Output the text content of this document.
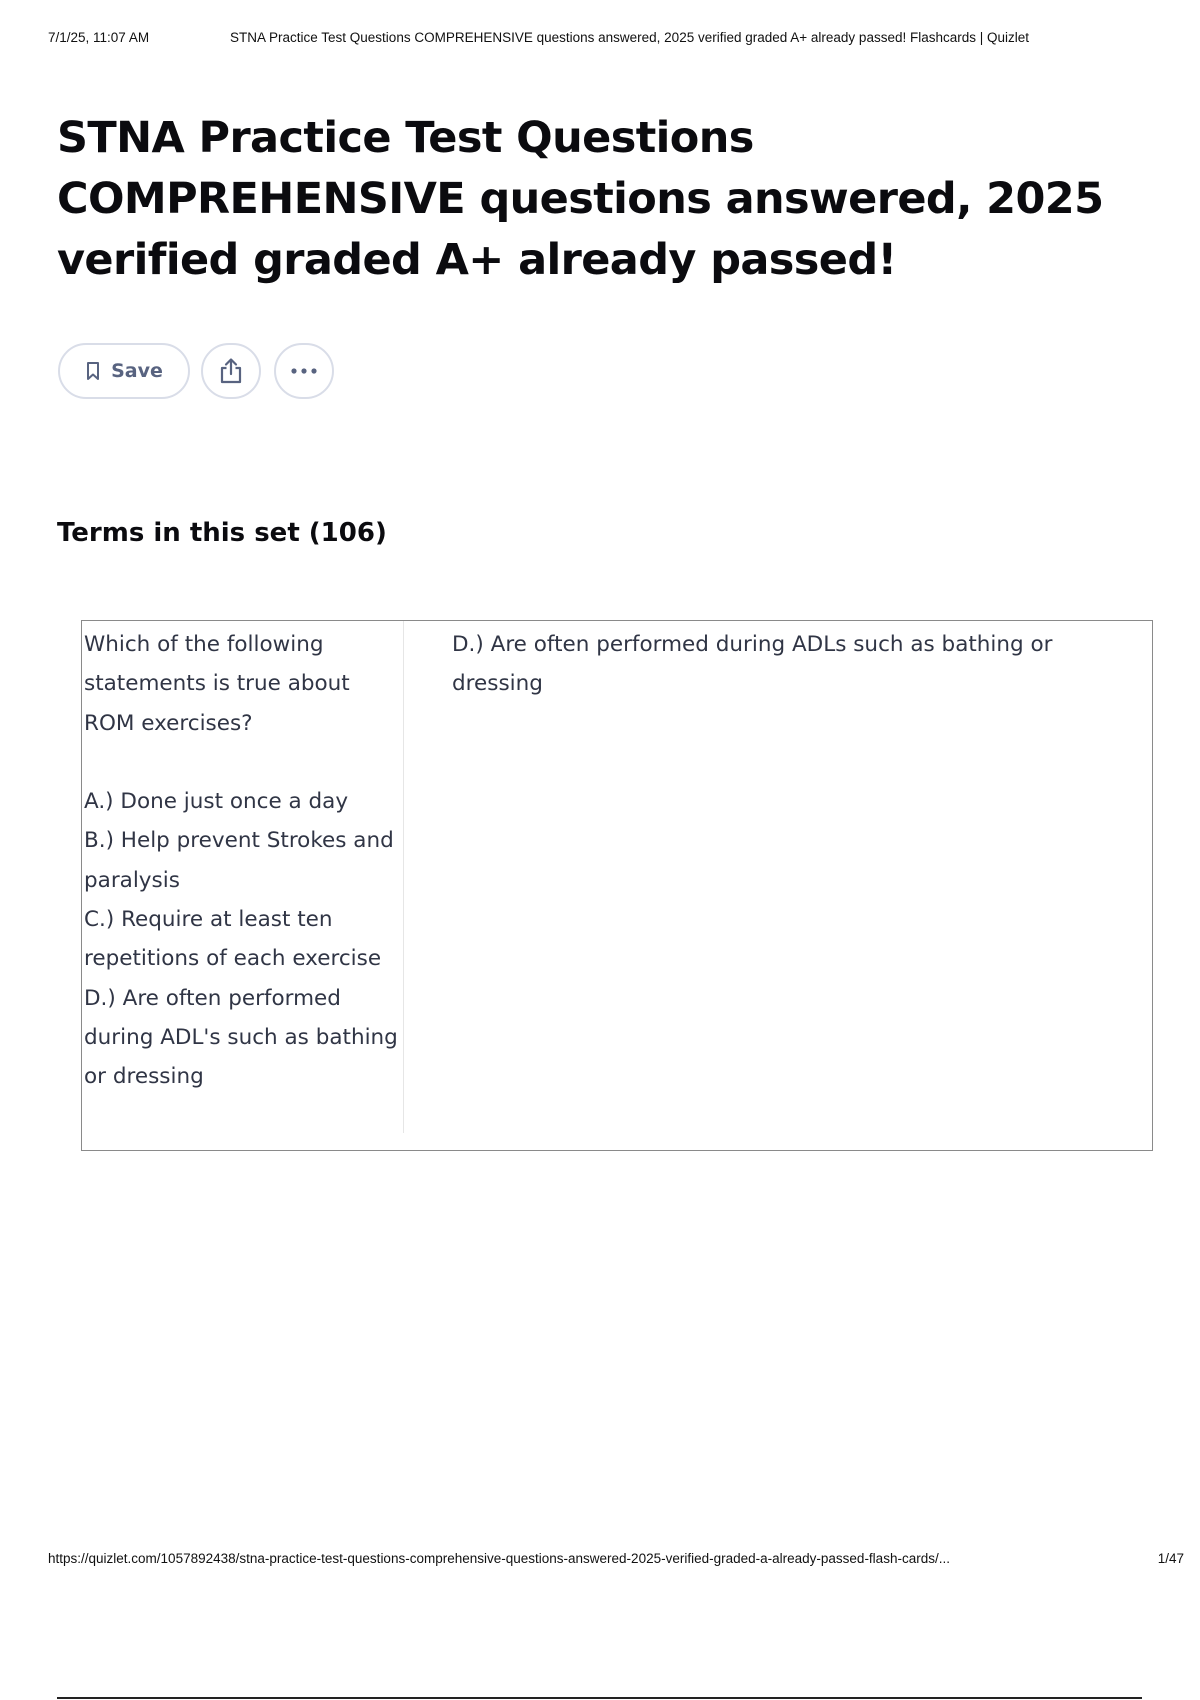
7/1/25, 11:07 AM	STNA Practice Test Questions COMPREHENSIVE questions answered, 2025 verified graded A+ already passed! Flashcards | Quizlet
STNA Practice Test Questions COMPREHENSIVE questions answered, 2025 verified graded A+ already passed!
Save
Terms in this set (106)
Which of the following statements is true about ROM exercises?

A.) Done just once a day
B.) Help prevent Strokes and paralysis
C.) Require at least ten repetitions of each exercise
D.) Are often performed during ADL's such as bathing or dressing
D.) Are often performed during ADLs such as bathing or dressing
https://quizlet.com/1057892438/stna-practice-test-questions-comprehensive-questions-answered-2025-verified-graded-a-already-passed-flash-cards/...	1/47
